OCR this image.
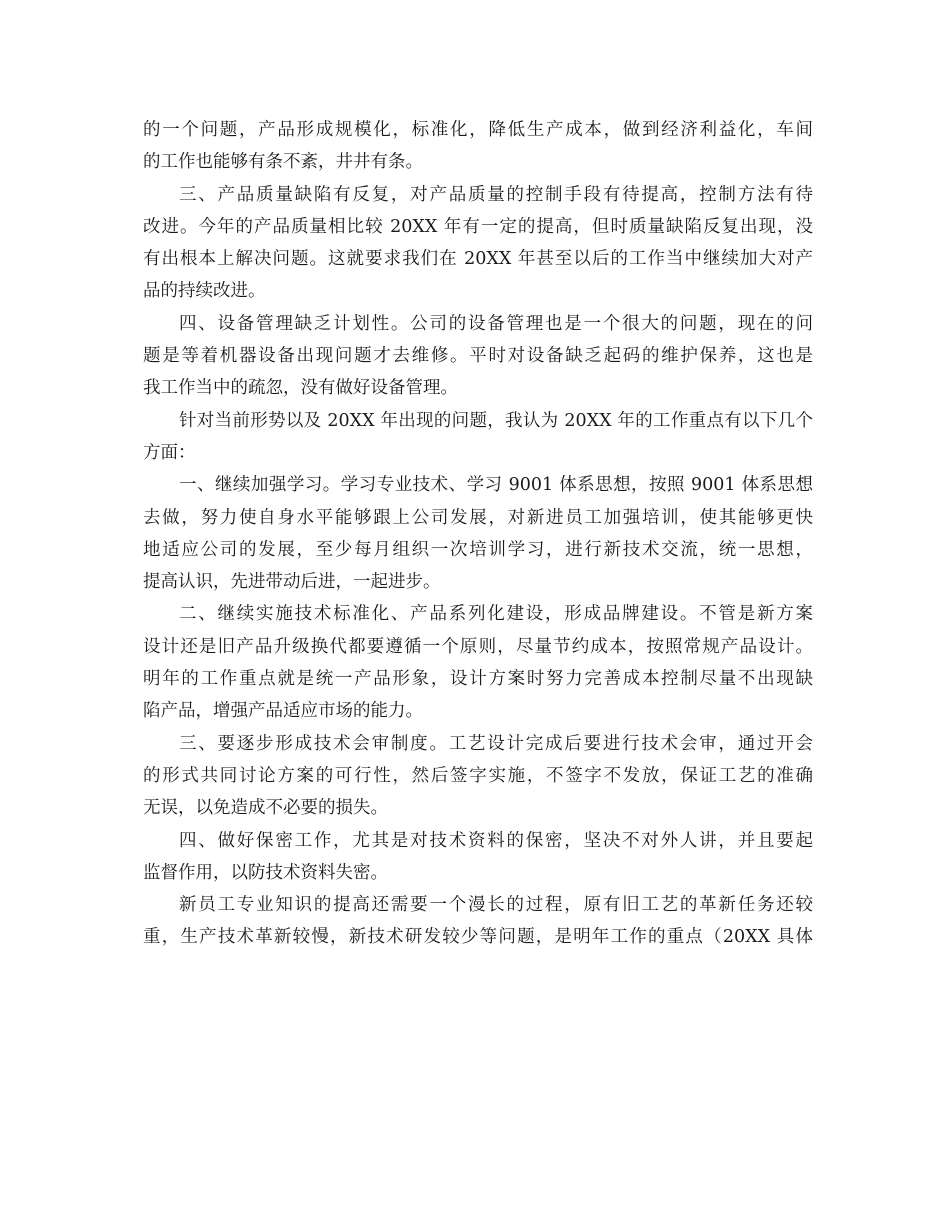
的一个问题，产品形成规模化，标准化，降低生产成本，做到经济利益化，车间
的工作也能够有条不紊，井井有条。
三、产品质量缺陷有反复，对产品质量的控制手段有待提高，控制方法有待
改进。今年的产品质量相比较 20XX 年有一定的提高，但时质量缺陷反复出现，没
有出根本上解决问题。这就要求我们在 20XX 年甚至以后的工作当中继续加大对产
品的持续改进。
四、设备管理缺乏计划性。公司的设备管理也是一个很大的问题，现在的问
题是等着机器设备出现问题才去维修。平时对设备缺乏起码的维护保养，这也是
我工作当中的疏忽，没有做好设备管理。
针对当前形势以及 20XX 年出现的问题，我认为 20XX 年的工作重点有以下几个
方面：
一、继续加强学习。学习专业技术、学习 9001 体系思想，按照 9001 体系思想
去做，努力使自身水平能够跟上公司发展，对新进员工加强培训，使其能够更快
地适应公司的发展，至少每月组织一次培训学习，进行新技术交流，统一思想，
提高认识，先进带动后进，一起进步。
二、继续实施技术标准化、产品系列化建设，形成品牌建设。不管是新方案
设计还是旧产品升级换代都要遵循一个原则，尽量节约成本，按照常规产品设计。
明年的工作重点就是统一产品形象，设计方案时努力完善成本控制尽量不出现缺
陷产品，增强产品适应市场的能力。
三、要逐步形成技术会审制度。工艺设计完成后要进行技术会审，通过开会
的形式共同讨论方案的可行性，然后签字实施，不签字不发放，保证工艺的准确
无误，以免造成不必要的损失。
四、做好保密工作，尤其是对技术资料的保密，坚决不对外人讲，并且要起
监督作用，以防技术资料失密。
新员工专业知识的提高还需要一个漫长的过程，原有旧工艺的革新任务还较
重，生产技术革新较慢，新技术研发较少等问题，是明年工作的重点（20XX 具体
